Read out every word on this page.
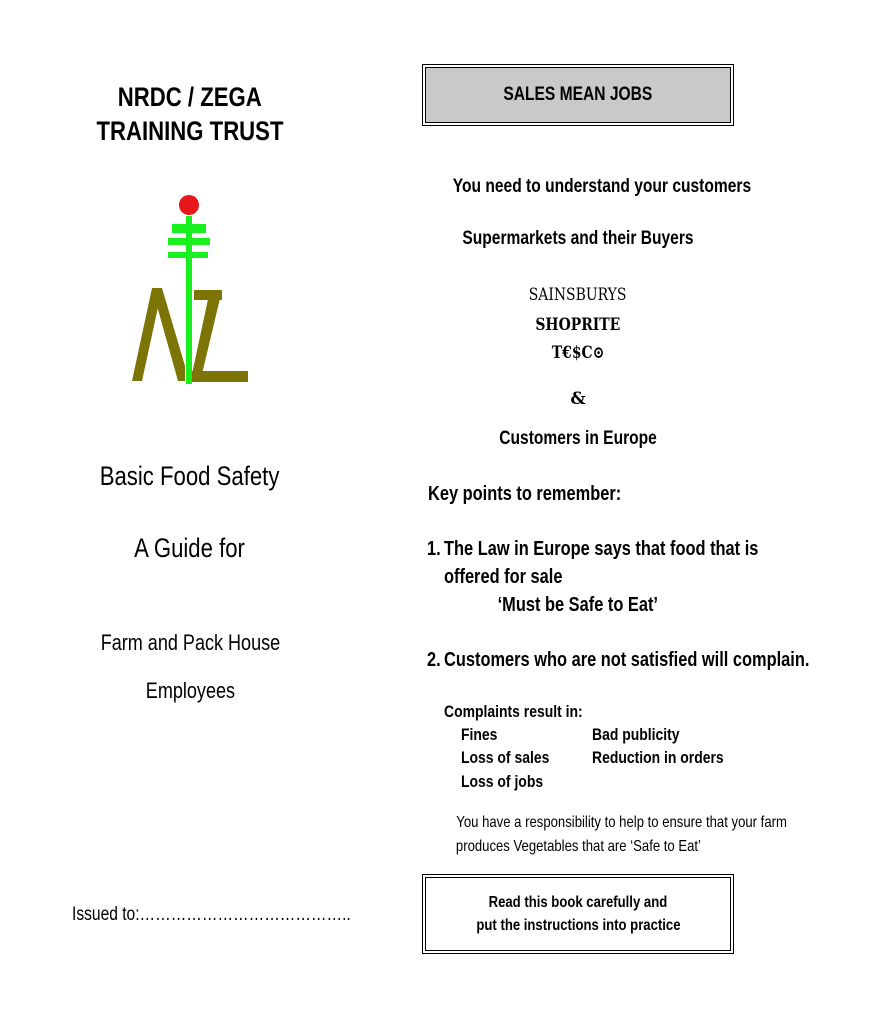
NRDC / ZEGA
TRAINING TRUST
Basic Food Safety
A Guide for
Farm and Pack House
Employees
Issued to:…………………………………..
SALES MEAN JOBS
You need to understand your customers
Supermarkets and their Buyers
SAINSBURYS
SHOPRITE
T€$C⊙
&
Customers in Europe
Key points to remember:
1. The Law in Europe says that food that is
offered for sale
‘Must be Safe to Eat’
2. Customers who are not satisfied will complain.
Complaints result in:
Fines	Bad publicity
Loss of sales	Reduction in orders
Loss of jobs
You have a responsibility to help to ensure that your farm
produces Vegetables that are ‘Safe to Eat’
Read this book carefully and
put the instructions into practice
